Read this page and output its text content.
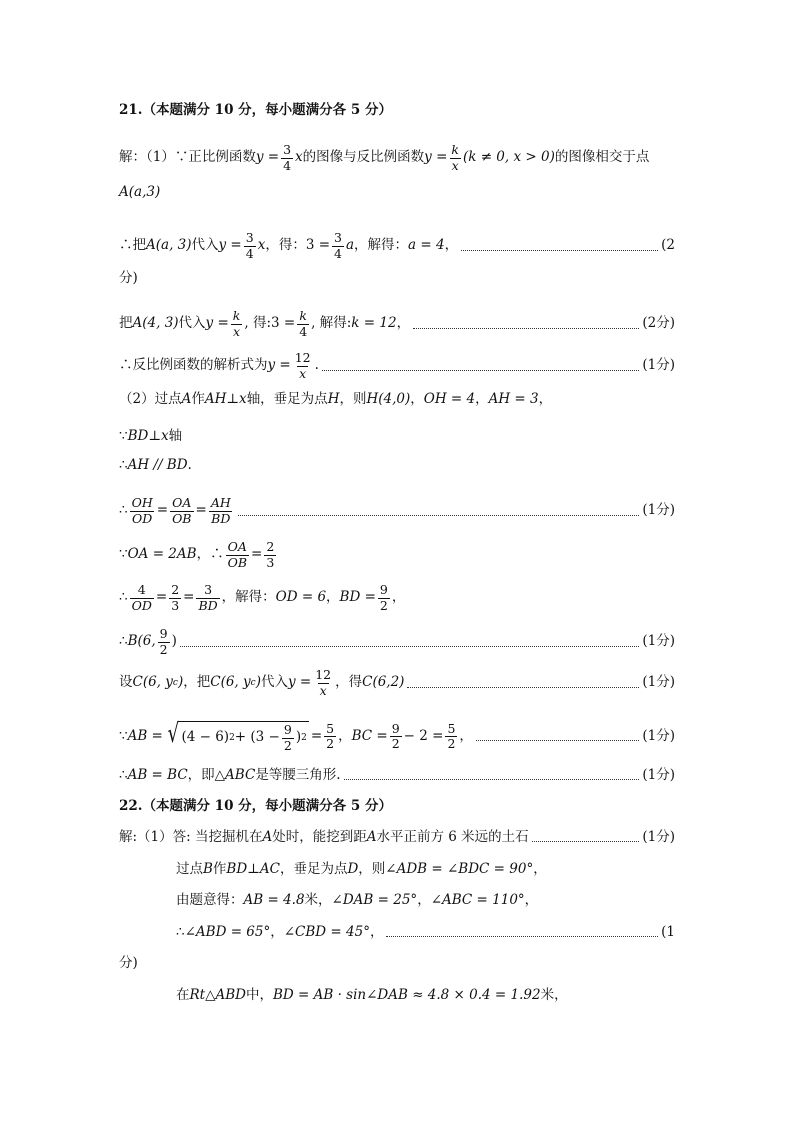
21.（本题满分 10 分，每小题满分各 5 分）
解：（1）∵正比例函数 $y = \frac{3}{4}$ x 的图像与反比例函数 $y = \frac{k}{x} (k \ne 0$, x > 0) 的图像相交于点
A(a,3)
∴把 A(a, 3) 代入 $y = \frac{3}{4}$ x ，得： $3 = \frac{3}{4}$ a ，解得： a = 4 ，	(2
分)
把 A(4, 3) 代入 $y = \frac{k}{x}$ , 得: $3 = \frac{k}{4}$ , 解得: k = 12 ，	(2分)
∴反比例函数的解析式为 $y = \frac{12}{x}$ .	(1分)
（2）过点 A 作 AH⊥x 轴，垂足为点 H ，则 H(4,0) ， OH = 4 ， AH = 3 ，
∵ BD⊥x 轴
∴ AH // BD .
∴ $\frac{OH}{OD} = \frac{OA}{OB} = \frac{AH}{BD}$	(1分)
∵ OA = 2AB ，∴ $\frac{OA}{OB} = \frac{2}{3}$
∴ $\frac{4}{OD} = \frac{2}{3} = \frac{3}{BD}$ ，解得： OD = 6 ， BD = $\frac{9}{2}$ ，
∴ B(6, $\frac{9}{2}$ )	(1分)
设 C(6, y c ) ，把 C(6, y c ) 代入 $y = \frac{12}{x}$ ，得 C(6,2)	(1分)
∵ AB = √ (4 − 6) $2 + (3 - \frac{9}{2}$ ) $2 = \frac{5}{2}$ ， BC = $\frac{9}{2} - 2 = \frac{5}{2}$ ，	(1分)
∴ AB = BC ，即 △ABC 是等腰三角形.	(1分)
22.（本题满分 10 分，每小题满分各 5 分）
解:（1）答: 当挖掘机在 A 处时，能挖到距 A 水平正前方 6 米远的土石	(1分)
过点 B 作 BD⊥AC ，垂足为点 D ，则 ∠ADB = ∠BDC = 90° ，
由题意得： AB = 4.8 米， ∠DAB = 25° ， ∠ABC = 110° ，
∴ ∠ABD = 65° ， ∠CBD = 45° ，	(1
分)
在 Rt△ABD 中， BD = AB · sin∠DAB ≈ 4.8 × 0.4 = 1.92 米，
